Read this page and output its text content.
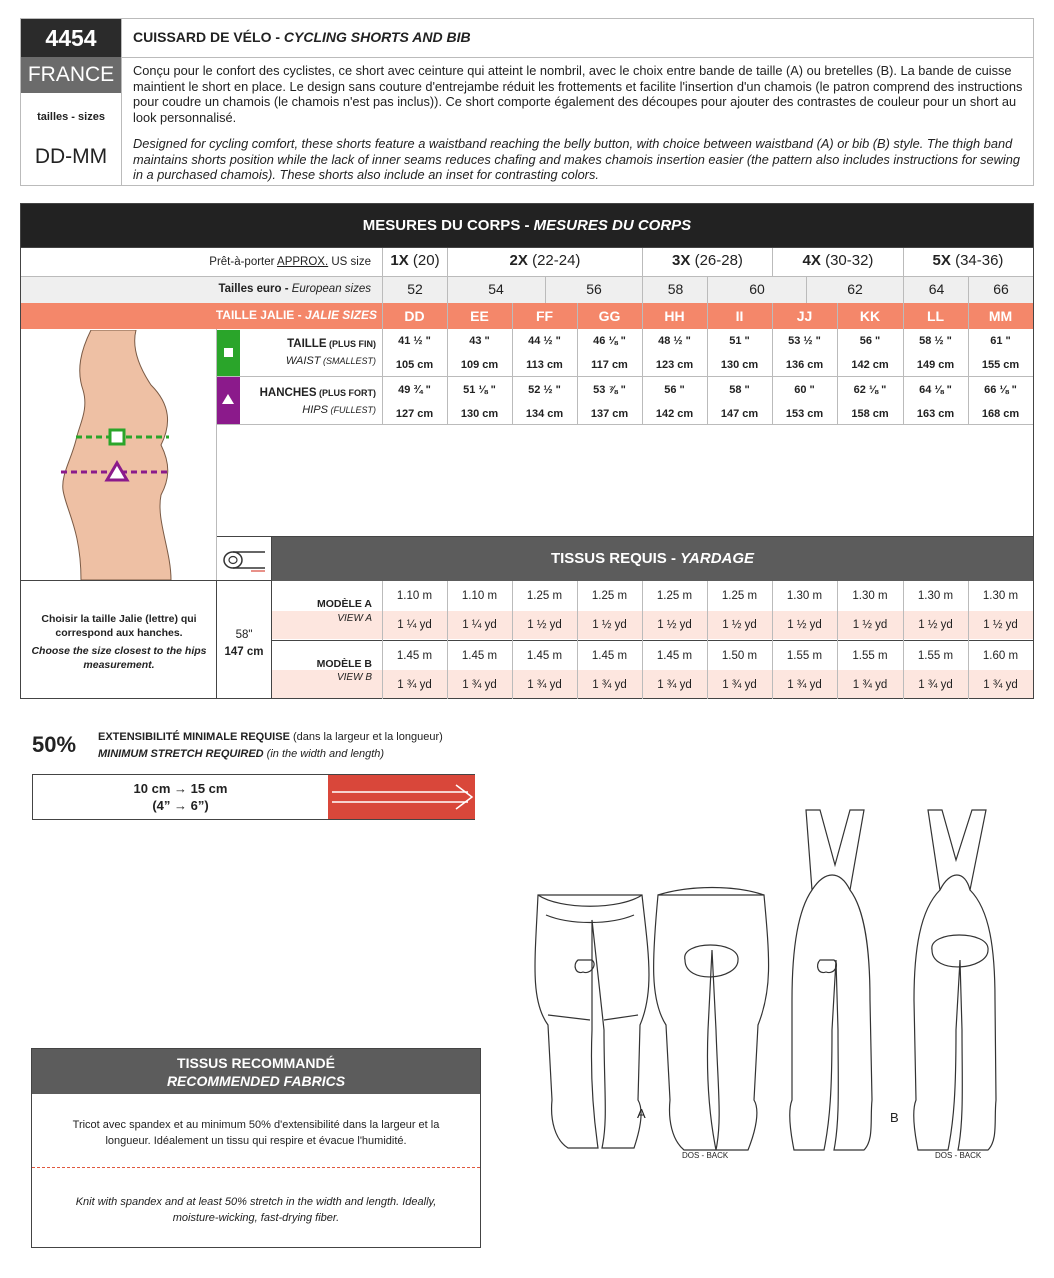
4454
FRANCE
tailles - sizes
DD-MM
CUISSARD DE VÉLO - CYCLING SHORTS AND BIB
Conçu pour le confort des cyclistes, ce short avec ceinture qui atteint le nombril, avec le choix entre bande de taille (A) ou bretelles (B). La bande de cuisse maintient le short en place. Le design sans couture d'entrejambe réduit les frottements et facilite l'insertion d'un chamois (le patron comprend des instructions pour coudre un chamois (le chamois n'est pas inclus)). Ce short comporte également des découpes pour ajouter des contrastes de couleur pour un short au look personnalisé.
Designed for cycling comfort, these shorts feature a waistband reaching the belly button, with choice between waistband (A) or bib (B) style. The thigh band maintains shorts position while the lack of inner seams reduces chafing and makes chamois insertion easier (the pattern also includes instructions for sewing in a purchased chamois). These shorts also include an inset for contrasting colors.
MESURES DU CORPS - MESURES DU CORPS
Prêt-à-porter APPROX. US size	1X (20)	2X (22-24)	3X (26-28)	4X (30-32)	5X (34-36)
Tailles euro - European sizes	52	54	56	58	60	62	64	66
TAILLE JALIE - JALIE SIZES	DD	EE	FF	GG	HH	II	JJ	KK	LL	MM
TAILLE (PLUS FIN)
WAIST (SMALLEST)
HANCHES (PLUS FORT)
HIPS (FULLEST)
41 ½ "	43 "	44 ½ "	46 ⅛ "	48 ½ "	51 "	53 ½ "	56 "	58 ½ "	61 "
105 cm	109 cm	113 cm	117 cm	123 cm	130 cm	136 cm	142 cm	149 cm	155 cm
49 ¾ "	51 ⅛ "	52 ½ "	53 ⅞ "	56 "	58 "	60 "	62 ⅛ "	64 ⅛ "	66 ⅛ "
127 cm	130 cm	134 cm	137 cm	142 cm	147 cm	153 cm	158 cm	163 cm	168 cm
TISSUS REQUIS - YARDAGE
Choisir la taille Jalie (lettre) qui correspond aux hanches.
Choose the size closest to the hips measurement.
58"
147 cm
MODÈLE A
VIEW A
MODÈLE B
VIEW B
1.10 m	1.10 m	1.25 m	1.25 m	1.25 m	1.25 m	1.30 m	1.30 m	1.30 m	1.30 m
1 ¼ yd	1 ¼ yd	1 ½ yd	1 ½ yd	1 ½ yd	1 ½ yd	1 ½ yd	1 ½ yd	1 ½ yd	1 ½ yd
1.45 m	1.45 m	1.45 m	1.45 m	1.45 m	1.50 m	1.55 m	1.55 m	1.55 m	1.60 m
1 ¾ yd	1 ¾ yd	1 ¾ yd	1 ¾ yd	1 ¾ yd	1 ¾ yd	1 ¾ yd	1 ¾ yd	1 ¾ yd	1 ¾ yd
50% EXTENSIBILITÉ MINIMALE REQUISE (dans la largeur et la longueur)
MINIMUM STRETCH REQUIRED (in the width and length)
10 cm → 15 cm
(4” → 6”)
TISSUS RECOMMANDÉ
RECOMMENDED FABRICS
Tricot avec spandex et au minimum 50% d'extensibilité dans la largeur et la longueur. Idéalement un tissu qui respire et évacue l'humidité.
Knit with spandex and at least 50% stretch in the width and length. Ideally, moisture-wicking, fast-drying fiber.
A
DOS - BACK
B
DOS - BACK
